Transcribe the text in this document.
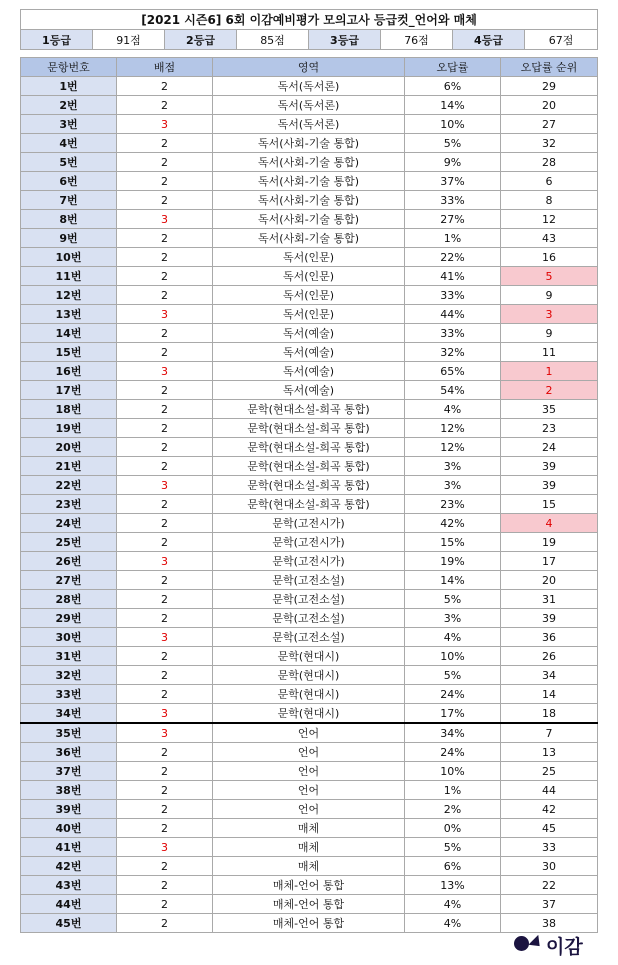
[2021 시즌6] 6회 이감예비평가 모의고사 등급컷_언어와 매체
1등급	91점	2등급	85점	3등급	76점	4등급	67점
문항번호	배점	영역	오답률	오답률 순위
1번	2	독서(독서론)	6%	29
2번	2	독서(독서론)	14%	20
3번	3	독서(독서론)	10%	27
4번	2	독서(사회-기술 통합)	5%	32
5번	2	독서(사회-기술 통합)	9%	28
6번	2	독서(사회-기술 통합)	37%	6
7번	2	독서(사회-기술 통합)	33%	8
8번	3	독서(사회-기술 통합)	27%	12
9번	2	독서(사회-기술 통합)	1%	43
10번	2	독서(인문)	22%	16
11번	2	독서(인문)	41%	5
12번	2	독서(인문)	33%	9
13번	3	독서(인문)	44%	3
14번	2	독서(예술)	33%	9
15번	2	독서(예술)	32%	11
16번	3	독서(예술)	65%	1
17번	2	독서(예술)	54%	2
18번	2	문학(현대소설-희곡 통합)	4%	35
19번	2	문학(현대소설-희곡 통합)	12%	23
20번	2	문학(현대소설-희곡 통합)	12%	24
21번	2	문학(현대소설-희곡 통합)	3%	39
22번	3	문학(현대소설-희곡 통합)	3%	39
23번	2	문학(현대소설-희곡 통합)	23%	15
24번	2	문학(고전시가)	42%	4
25번	2	문학(고전시가)	15%	19
26번	3	문학(고전시가)	19%	17
27번	2	문학(고전소설)	14%	20
28번	2	문학(고전소설)	5%	31
29번	2	문학(고전소설)	3%	39
30번	3	문학(고전소설)	4%	36
31번	2	문학(현대시)	10%	26
32번	2	문학(현대시)	5%	34
33번	2	문학(현대시)	24%	14
34번	3	문학(현대시)	17%	18
35번	3	언어	34%	7
36번	2	언어	24%	13
37번	2	언어	10%	25
38번	2	언어	1%	44
39번	2	언어	2%	42
40번	2	매체	0%	45
41번	3	매체	5%	33
42번	2	매체	6%	30
43번	2	매체-언어 통합	13%	22
44번	2	매체-언어 통합	4%	37
45번	2	매체-언어 통합	4%	38
이감
